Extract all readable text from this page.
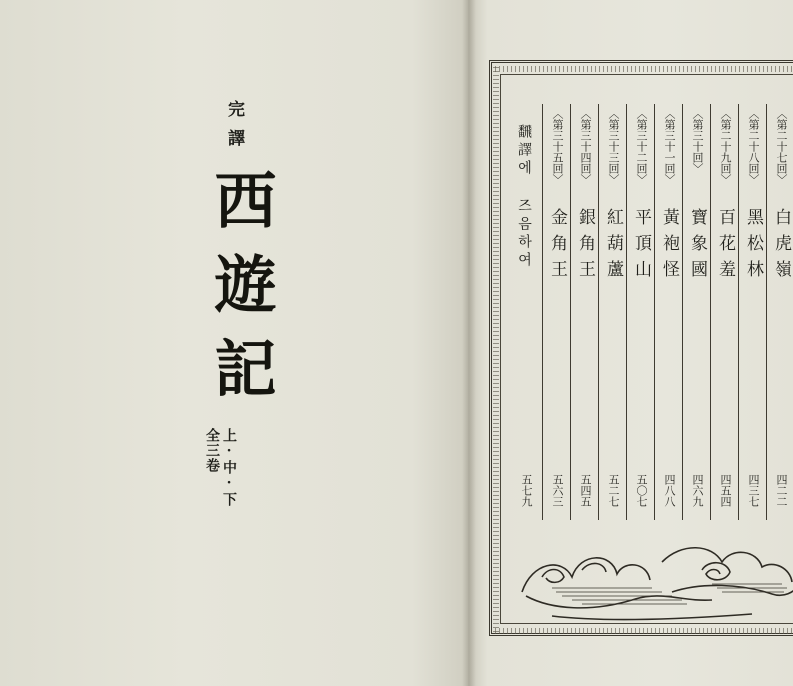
完譯
西遊記
全三卷 上·中·下
〈第二十七回〉
白虎嶺
四二二
〈第二十八回〉
黑松林
四三七
〈第二十九回〉
百花羞
四五四
〈第三十回〉
寶象國
四六九
〈第三十一回〉
黃袍怪
四八八
〈第三十二回〉
平頂山
五〇七
〈第三十三回〉
紅葫蘆
五二七
〈第三十四回〉
銀角王
五四五
〈第三十五回〉
金角王
五六三
飜譯에 즈음하여
五七九
